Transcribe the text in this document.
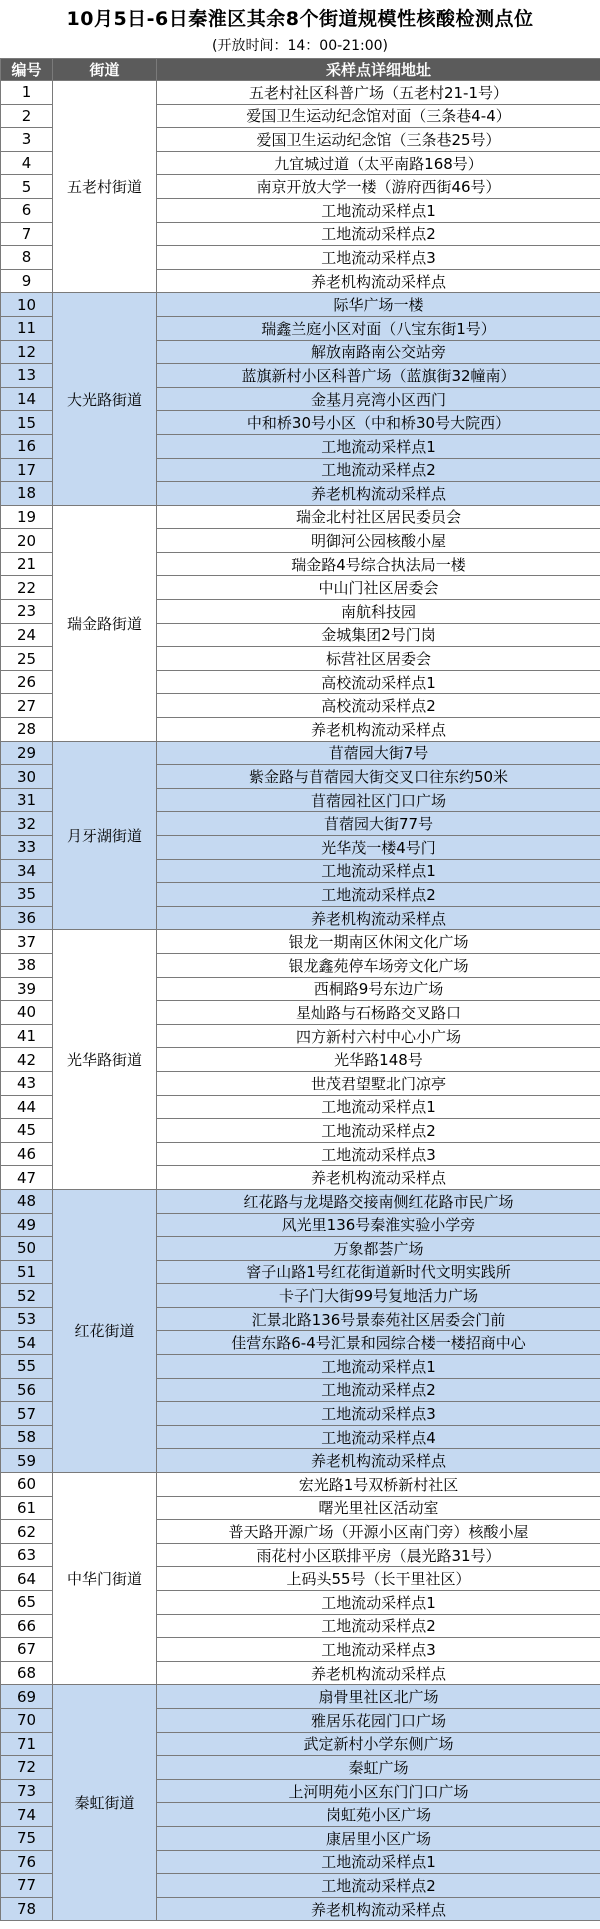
10月5日-6日秦淮区其余8个街道规模性核酸检测点位
(开放时间：14：00-21:00)
编号	街道	采样点详细地址
1	五老村街道	五老村社区科普广场（五老村21-1号）
2		爱国卫生运动纪念馆对面（三条巷4-4）
3		爱国卫生运动纪念馆（三条巷25号）
4		九宜城过道（太平南路168号）
5		南京开放大学一楼（游府西街46号）
6		工地流动采样点1
7		工地流动采样点2
8		工地流动采样点3
9		养老机构流动采样点
10	大光路街道	际华广场一楼
11		瑞鑫兰庭小区对面（八宝东街1号）
12		解放南路南公交站旁
13		蓝旗新村小区科普广场（蓝旗街32幢南）
14		金基月亮湾小区西门
15		中和桥30号小区（中和桥30号大院西）
16		工地流动采样点1
17		工地流动采样点2
18		养老机构流动采样点
19	瑞金路街道	瑞金北村社区居民委员会
20		明御河公园核酸小屋
21		瑞金路4号综合执法局一楼
22		中山门社区居委会
23		南航科技园
24		金城集团2号门岗
25		标营社区居委会
26		高校流动采样点1
27		高校流动采样点2
28		养老机构流动采样点
29	月牙湖街道	苜蓿园大街7号
30		紫金路与苜蓿园大街交叉口往东约50米
31		苜蓿园社区门口广场
32		苜蓿园大街77号
33		光华茂一楼4号门
34		工地流动采样点1
35		工地流动采样点2
36		养老机构流动采样点
37	光华路街道	银龙一期南区休闲文化广场
38		银龙鑫苑停车场旁文化广场
39		西桐路9号东边广场
40		星灿路与石杨路交叉路口
41		四方新村六村中心小广场
42		光华路148号
43		世茂君望墅北门凉亭
44		工地流动采样点1
45		工地流动采样点2
46		工地流动采样点3
47		养老机构流动采样点
48	红花街道	红花路与龙堤路交接南侧红花路市民广场
49		风光里136号秦淮实验小学旁
50		万象都荟广场
51		窨子山路1号红花街道新时代文明实践所
52		卡子门大街99号复地活力广场
53		汇景北路136号景泰苑社区居委会门前
54		佳营东路6-4号汇景和园综合楼一楼招商中心
55		工地流动采样点1
56		工地流动采样点2
57		工地流动采样点3
58		工地流动采样点4
59		养老机构流动采样点
60	中华门街道	宏光路1号双桥新村社区
61		曙光里社区活动室
62		普天路开源广场（开源小区南门旁）核酸小屋
63		雨花村小区联排平房（晨光路31号）
64		上码头55号（长干里社区）
65		工地流动采样点1
66		工地流动采样点2
67		工地流动采样点3
68		养老机构流动采样点
69	秦虹街道	扇骨里社区北广场
70		雅居乐花园门口广场
71		武定新村小学东侧广场
72		秦虹广场
73		上河明苑小区东门门口广场
74		岗虹苑小区广场
75		康居里小区广场
76		工地流动采样点1
77		工地流动采样点2
78		养老机构流动采样点
